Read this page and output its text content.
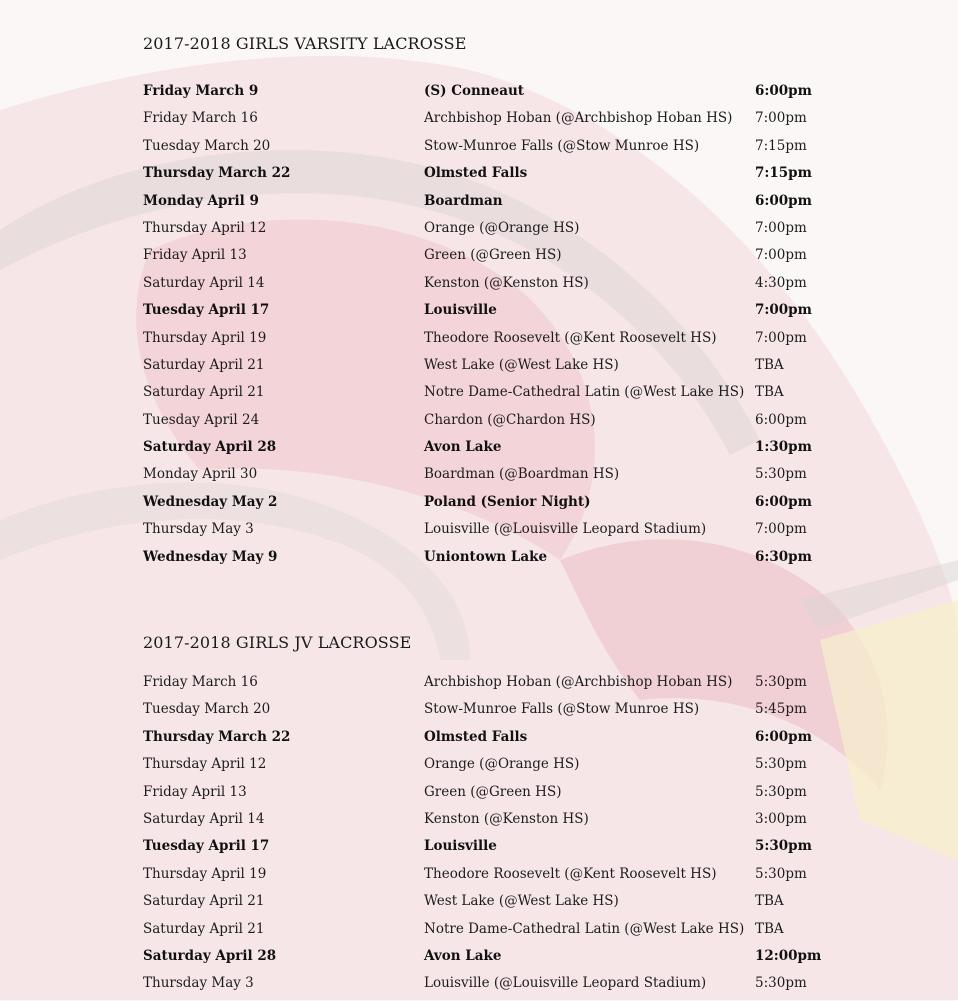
2017-2018 GIRLS VARSITY LACROSSE
Friday March 9	(S) Conneaut	6:00pm
Friday March 16	Archbishop Hoban (@Archbishop Hoban HS) 7:00pm
Tuesday March 20	Stow-Munroe Falls (@Stow Munroe HS)	7:15pm
Thursday March 22	Olmsted Falls	7:15pm
Monday April 9	Boardman	6:00pm
Thursday April 12	Orange (@Orange HS)	7:00pm
Friday April 13	Green (@Green HS)	7:00pm
Saturday April 14	Kenston (@Kenston HS)	4:30pm
Tuesday April 17	Louisville	7:00pm
Thursday April 19	Theodore Roosevelt (@Kent Roosevelt HS)	7:00pm
Saturday April 21	West Lake (@West Lake HS)	TBA
Saturday April 21	Notre Dame-Cathedral Latin (@West Lake HS) TBA
Tuesday April 24	Chardon (@Chardon HS)	6:00pm
Saturday April 28	Avon Lake	1:30pm
Monday April 30	Boardman (@Boardman HS)	5:30pm
Wednesday May 2	Poland (Senior Night)	6:00pm
Thursday May 3	Louisville (@Louisville Leopard Stadium)	7:00pm
Wednesday May 9	Uniontown Lake	6:30pm
2017-2018 GIRLS JV LACROSSE
Friday March 16	Archbishop Hoban (@Archbishop Hoban HS) 5:30pm
Tuesday March 20	Stow-Munroe Falls (@Stow Munroe HS)	5:45pm
Thursday March 22	Olmsted Falls	6:00pm
Thursday April 12	Orange (@Orange HS)	5:30pm
Friday April 13	Green (@Green HS)	5:30pm
Saturday April 14	Kenston (@Kenston HS)	3:00pm
Tuesday April 17	Louisville	5:30pm
Thursday April 19	Theodore Roosevelt (@Kent Roosevelt HS)	5:30pm
Saturday April 21	West Lake (@West Lake HS)	TBA
Saturday April 21	Notre Dame-Cathedral Latin (@West Lake HS) TBA
Saturday April 28	Avon Lake	12:00pm
Thursday May 3	Louisville (@Louisville Leopard Stadium)	5:30pm
